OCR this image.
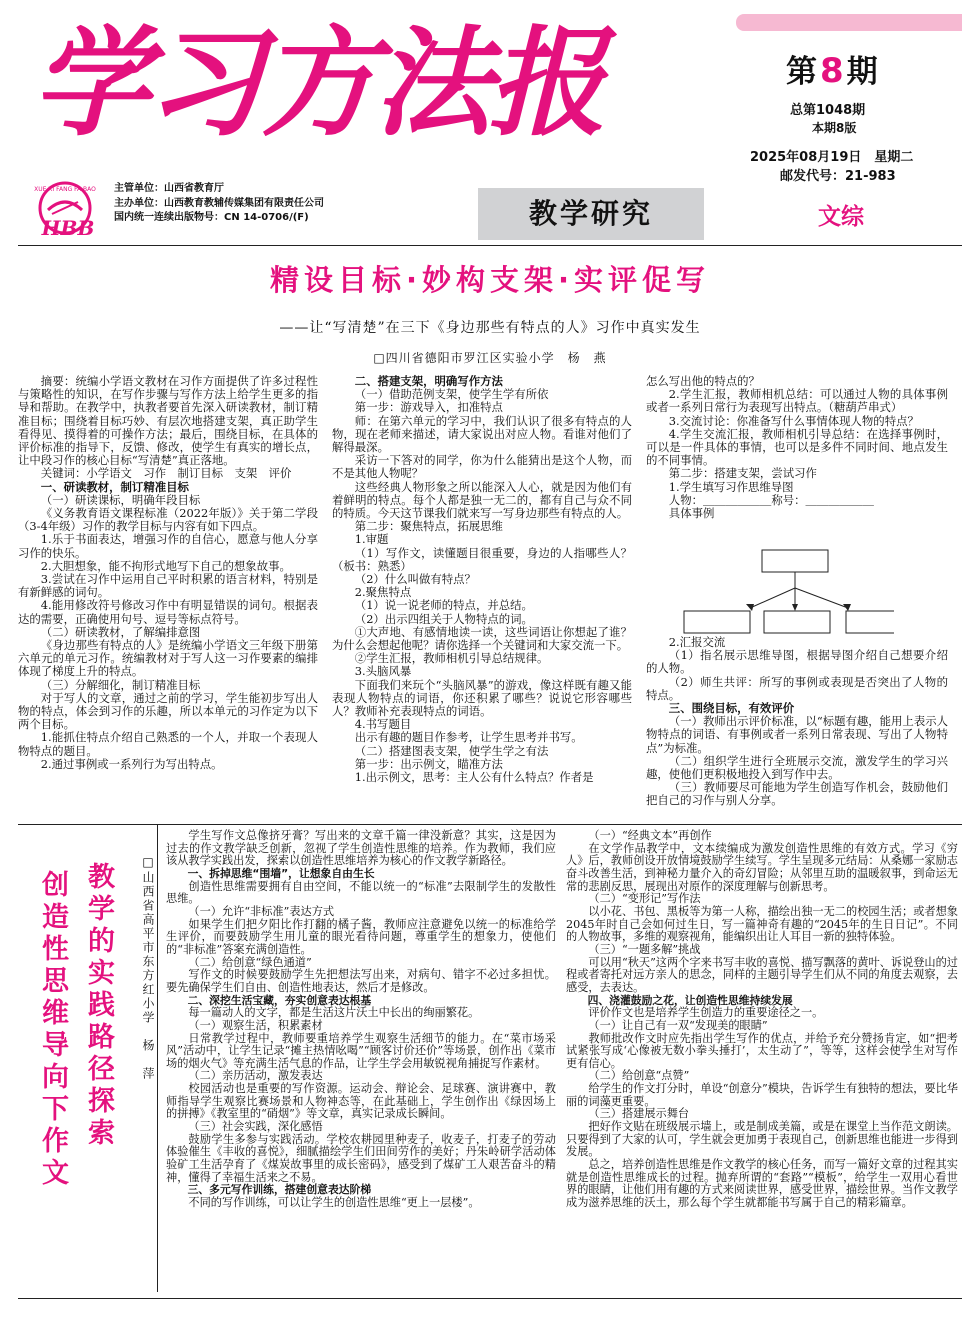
学习方法报	第8期
总第1048期
本期8版
2025年08月19日　星期二
邮发代号：21-983
XUE XI FANG FA BAO
HBB
主管单位：山西省教育厅
主办单位：山西教育教辅传媒集团有限责任公司
国内统一连续出版物号：CN 14-0706/(F)	教学研究	文综
精设目标·妙构支架·实评促写
——让“写清楚”在三下《身边那些有特点的人》习作中真实发生
□四川省德阳市罗江区实验小学　杨　燕

摘要：统编小学语文教材在习作方面提供了许多过程性与策略性的知识，在写作步骤与写作方法上给学生更多的指导和帮助。在教学中，执教者要首先深入研读教材，制订精准目标；围绕着目标巧妙、有层次地搭建支架，真正助学生看得见、摸得着的可操作方法；最后，围绕目标，在具体的评价标准的指导下，反馈、修改，使学生有真实的增长点，让中段习作的核心目标“写清楚”真正落地。

关键词：小学语文　习作　制订目标　支架　评价

一、研读教材，制订精准目标

（一）研读课标，明确年段目标

《义务教育语文课程标准（2022年版）》关于第二学段（3-4年级）习作的教学目标与内容有如下四点。

1.乐于书面表达，增强习作的自信心，愿意与他人分享习作的快乐。

2.大胆想象，能不拘形式地写下自己的想象故事。

3.尝试在习作中运用自己平时积累的语言材料，特别是有新鲜感的词句。

4.能用修改符号修改习作中有明显错误的词句。根据表达的需要，正确使用句号、逗号等标点符号。

（二）研读教材，了解编排意图

《身边那些有特点的人》是统编小学语文三年级下册第六单元的单元习作。统编教材对于写人这一习作要素的编排体现了梯度上升的特点。

（三）分解细化，制订精准目标

对于写人的文章，通过之前的学习，学生能初步写出人物的特点，体会到习作的乐趣，所以本单元的习作定为以下两个目标。

1.能抓住特点介绍自己熟悉的一个人，并取一个表现人物特点的题目。

2.通过事例或一系列行为写出特点。

二、搭建支架，明确写作方法

（一）借助范例支架，使学生学有所依

第一步：游戏导入，扣准特点

师：在第六单元的学习中，我们认识了很多有特点的人物，现在老师来描述，请大家说出对应人物。看谁对他们了解得最深。

采访一下答对的同学，你为什么能猜出是这个人物，而不是其他人物呢？

这些经典人物形象之所以能深入人心，就是因为他们有着鲜明的特点。每个人都是独一无二的，都有自己与众不同的特质。今天这节课我们就来写一写身边那些有特点的人。

第二步：聚焦特点，拓展思维

1.审题

（1）写作文，读懂题目很重要，身边的人指哪些人？（板书：熟悉）

（2）什么叫做有特点？

2.聚焦特点

（1）说一说老师的特点，并总结。

（2）出示四组关于人物特点的词。

①大声地、有感情地读一读，这些词语让你想起了谁？为什么会想起他呢？请你选择一个关键词和大家交流一下。

②学生汇报，教师相机引导总结规律。

3.头脑风暴

下面我们来玩个“头脑风暴”的游戏，像这样既有趣又能表现人物特点的词语，你还积累了哪些？说说它形容哪些人？教师补充表现特点的词语。

4.书写题目

出示有趣的题目作参考，让学生思考并书写。

（二）搭建图表支架，使学生学之有法

第一步：出示例文，瞄准方法

1.出示例文，思考：主人公有什么特点？作者是

怎么写出他的特点的？

2.学生汇报，教师相机总结：可以通过人物的具体事例或者一系列日常行为表现写出特点。（糖葫芦串式）

3.交流讨论：你准备写什么事情体现人物的特点？

4.学生交流汇报，教师相机引导总结：在选择事例时，可以是一件具体的事情，也可以是多件不同时间、地点发生的不同事情。

第二步：搭建支架，尝试习作

1.学生填写习作思维导图

人物：＿＿＿＿＿＿称号：＿＿＿＿＿＿

具体事例

2.汇报交流

（1）指名展示思维导图，根据导图介绍自己想要介绍的人物。

（2）师生共评：所写的事例或表现是否突出了人物的特点。

三、围绕目标，有效评价

（一）教师出示评价标准，以“标题有趣，能用上表示人物特点的词语、有事例或者一系列日常表现、写出了人物特点”为标准。

（二）组织学生进行全班展示交流，激发学生的学习兴趣，使他们更积极地投入到写作中去。

（三）教师要尽可能地为学生创造写作机会，鼓励他们把自己的习作与别人分享。

教学的实践路径探索
创造性思维导向下作文	□山西省高平市东方红小学　杨　萍

学生写作文总像挤牙膏？写出来的文章千篇一律没新意？其实，这是因为过去的作文教学缺乏创新，忽视了学生创造性思维的培养。作为教师，我们应该从教学实践出发，探索以创造性思维培养为核心的作文教学新路径。

一、拆掉思维“围墙”，让想象自由生长

创造性思维需要拥有自由空间，不能以统一的“标准”去限制学生的发散性思维。

（一）允许“非标准”表达方式

如果学生们把夕阳比作打翻的橘子酱，教师应注意避免以统一的标准给学生评价，而要鼓励学生用儿童的眼光看待问题，尊重学生的想象力，使他们的“非标准”答案充满创造性。

（二）给创意“绿色通道”

写作文的时候要鼓励学生先把想法写出来，对病句、错字不必过多担忧。要先确保学生们自由、创造性地表达，然后才是修改。

二、深挖生活宝藏，夯实创意表达根基

每一篇动人的文字，都是生活这片沃土中长出的绚丽繁花。

（一）观察生活，积累素材

日常教学过程中，教师要重培养学生观察生活细节的能力。在“菜市场采风”活动中，让学生记录“摊主热情吆喝”“顾客讨价还价”等场景，创作出《菜市场的烟火气》等充满生活气息的作品，让学生学会用敏锐视角捕捉写作素材。

（二）亲历活动，激发表达

校园活动也是重要的写作资源。运动会、辩论会、足球赛、演讲赛中，教师指导学生观察比赛场景和人物神态等，在此基础上，学生创作出《绿因场上的拼搏》《教室里的“硝烟”》等文章，真实记录成长瞬间。

（三）社会实践，深化感悟

鼓励学生多参与实践活动。学校农耕园里种麦子，收麦子，打麦子的劳动体验催生《丰收的喜悦》，细腻描绘学生们田间劳作的美好；丹朱岭研学活动体验矿工生活孕育了《煤炭故事里的成长密码》，感受到了煤矿工人艰苦奋斗的精神，懂得了幸福生活来之不易。

三、多元写作训练，搭建创意表达阶梯

不同的写作训练，可以让学生的创造性思维“更上一层楼”。

（一）“经典文本”再创作

在文学作品教学中，文本续编成为激发创造性思维的有效方式。学习《穷人》后，教师创设开放情境鼓励学生续写。学生呈现多元结局：从桑娜一家励志奋斗改善生活，到神秘力量介入的奇幻冒险；从邻里互助的温暖叙事，到命运无常的悲剧反思，展现出对原作的深度理解与创新思考。

（二）“变形记”写作法

以小花、书包、黑板等为第一人称，描绘出独一无二的校园生活；或者想象2045年时自己会如何过生日，写一篇神奇有趣的“2045年的生日日记”。不同的人物故事，多维的观察视角，能编织出让人耳目一新的独特体验。

（三）“一题多解”挑战

可以用“秋天”这两个字来书写丰收的喜悦、描写飘落的黄叶、诉说登山的过程或者寄托对远方亲人的思念，同样的主题引导学生们从不同的角度去观察，去感受，去表达。

四、浇灌鼓励之花，让创造性思维持续发展

评价作文也是培养学生创造力的重要途径之一。

（一）让自己有一双“发现美的眼睛”

教师批改作文时应先指出学生写作的优点，并给予充分赞扬肯定，如“把考试紧张写成‘心像被无数小拳头捶打’，太生动了”，等等，这样会使学生对写作更有信心。

（二）给创意“点赞”

给学生的作文打分时，单设“创意分”模块，告诉学生有独特的想法，要比华丽的词藻更重要。

（三）搭建展示舞台

把好作文贴在班级展示墙上，或是制成美篇，或是在课堂上当作范文朗读。只要得到了大家的认可，学生就会更加勇于表现自己，创新思维也能进一步得到发展。

总之，培养创造性思维是作文教学的核心任务，而写一篇好文章的过程其实就是创造性思维成长的过程。抛弃所谓的“套路”“模板”，给学生一双用心看世界的眼睛，让他们用有趣的方式来阅读世界，感受世界，描绘世界。当作文教学成为滋养思维的沃土，那么每个学生就都能书写属于自己的精彩篇章。
